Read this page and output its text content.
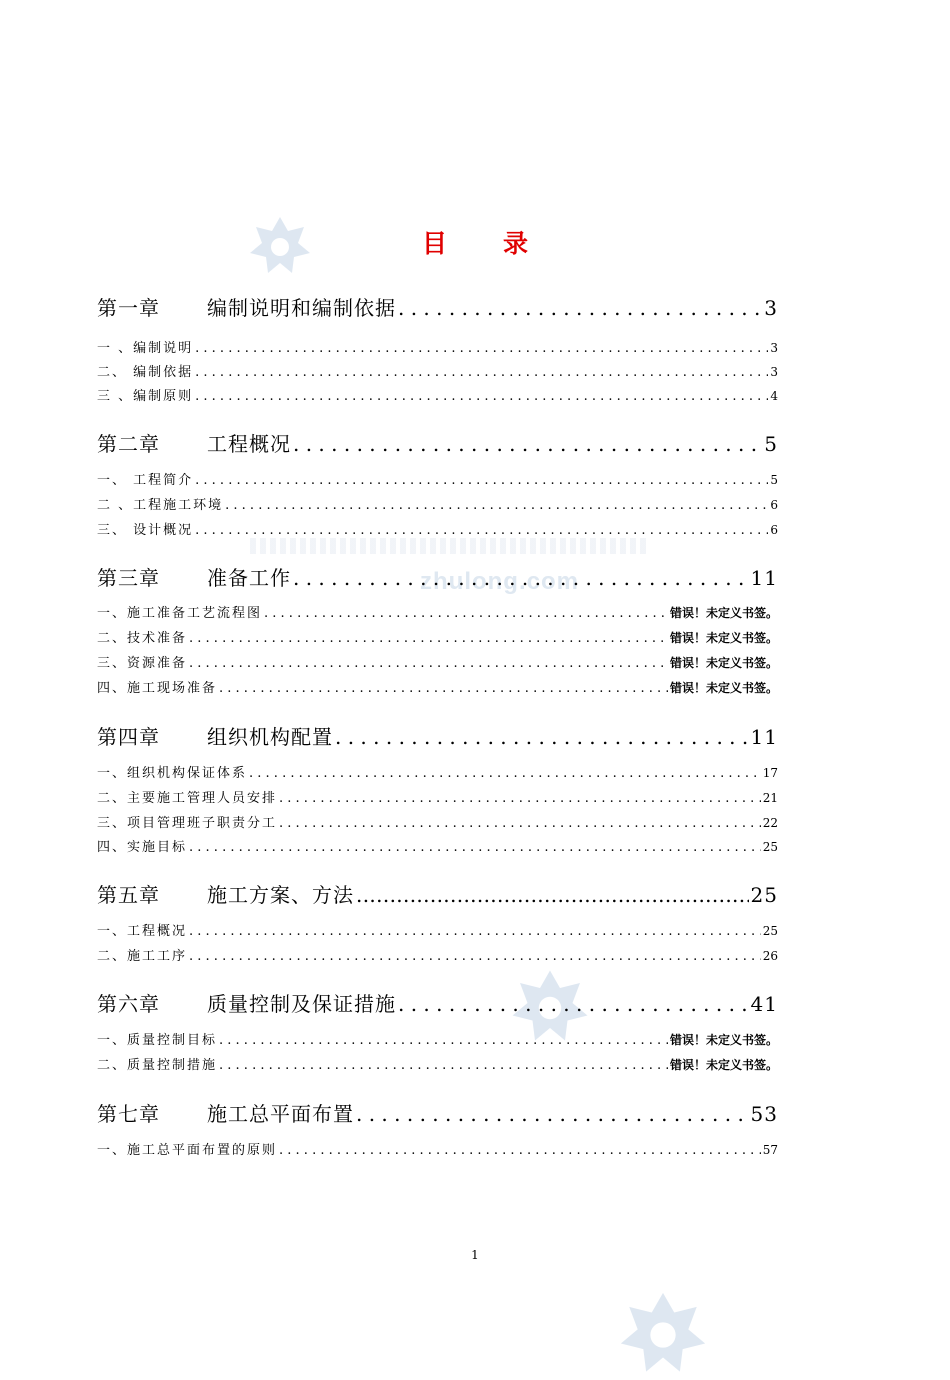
zhulong.com
目 录
第一章 编制说明和编制依据 . . .	3
一 、编制说明 . . .	3
二、 编制依据 . . .	3
三 、编制原则 . . .	4
第二章 工程概况 . . .	5
一、 工程简介 . . .	5
二 、工程施工环境 . . .	6
三、 设计概况 . . .	6
第三章 准备工作 . . .	11
一、施工准备工艺流程图 . . .	错误！未定义书签。
二、技术准备 . . .	错误！未定义书签。
三、资源准备 . . .	错误！未定义书签。
四、施工现场准备 . . .	错误！未定义书签。
第四章 组织机构配置 . . .	11
一、组织机构保证体系 . . .	17
二、主要施工管理人员安排 . . .	21
三、项目管理班子职责分工 . . .	22
四、实施目标 . . .	25
第五章 施工方案、方法 . . .	25
一、工程概况 . . .	25
二、施工工序 . . .	26
第六章 质量控制及保证措施 . . .	41
一、质量控制目标 . . .	错误！未定义书签。
二、质量控制措施 . . .	错误！未定义书签。
第七章 施工总平面布置 . . .	53
一、施工总平面布置的原则 . . .	57
1
